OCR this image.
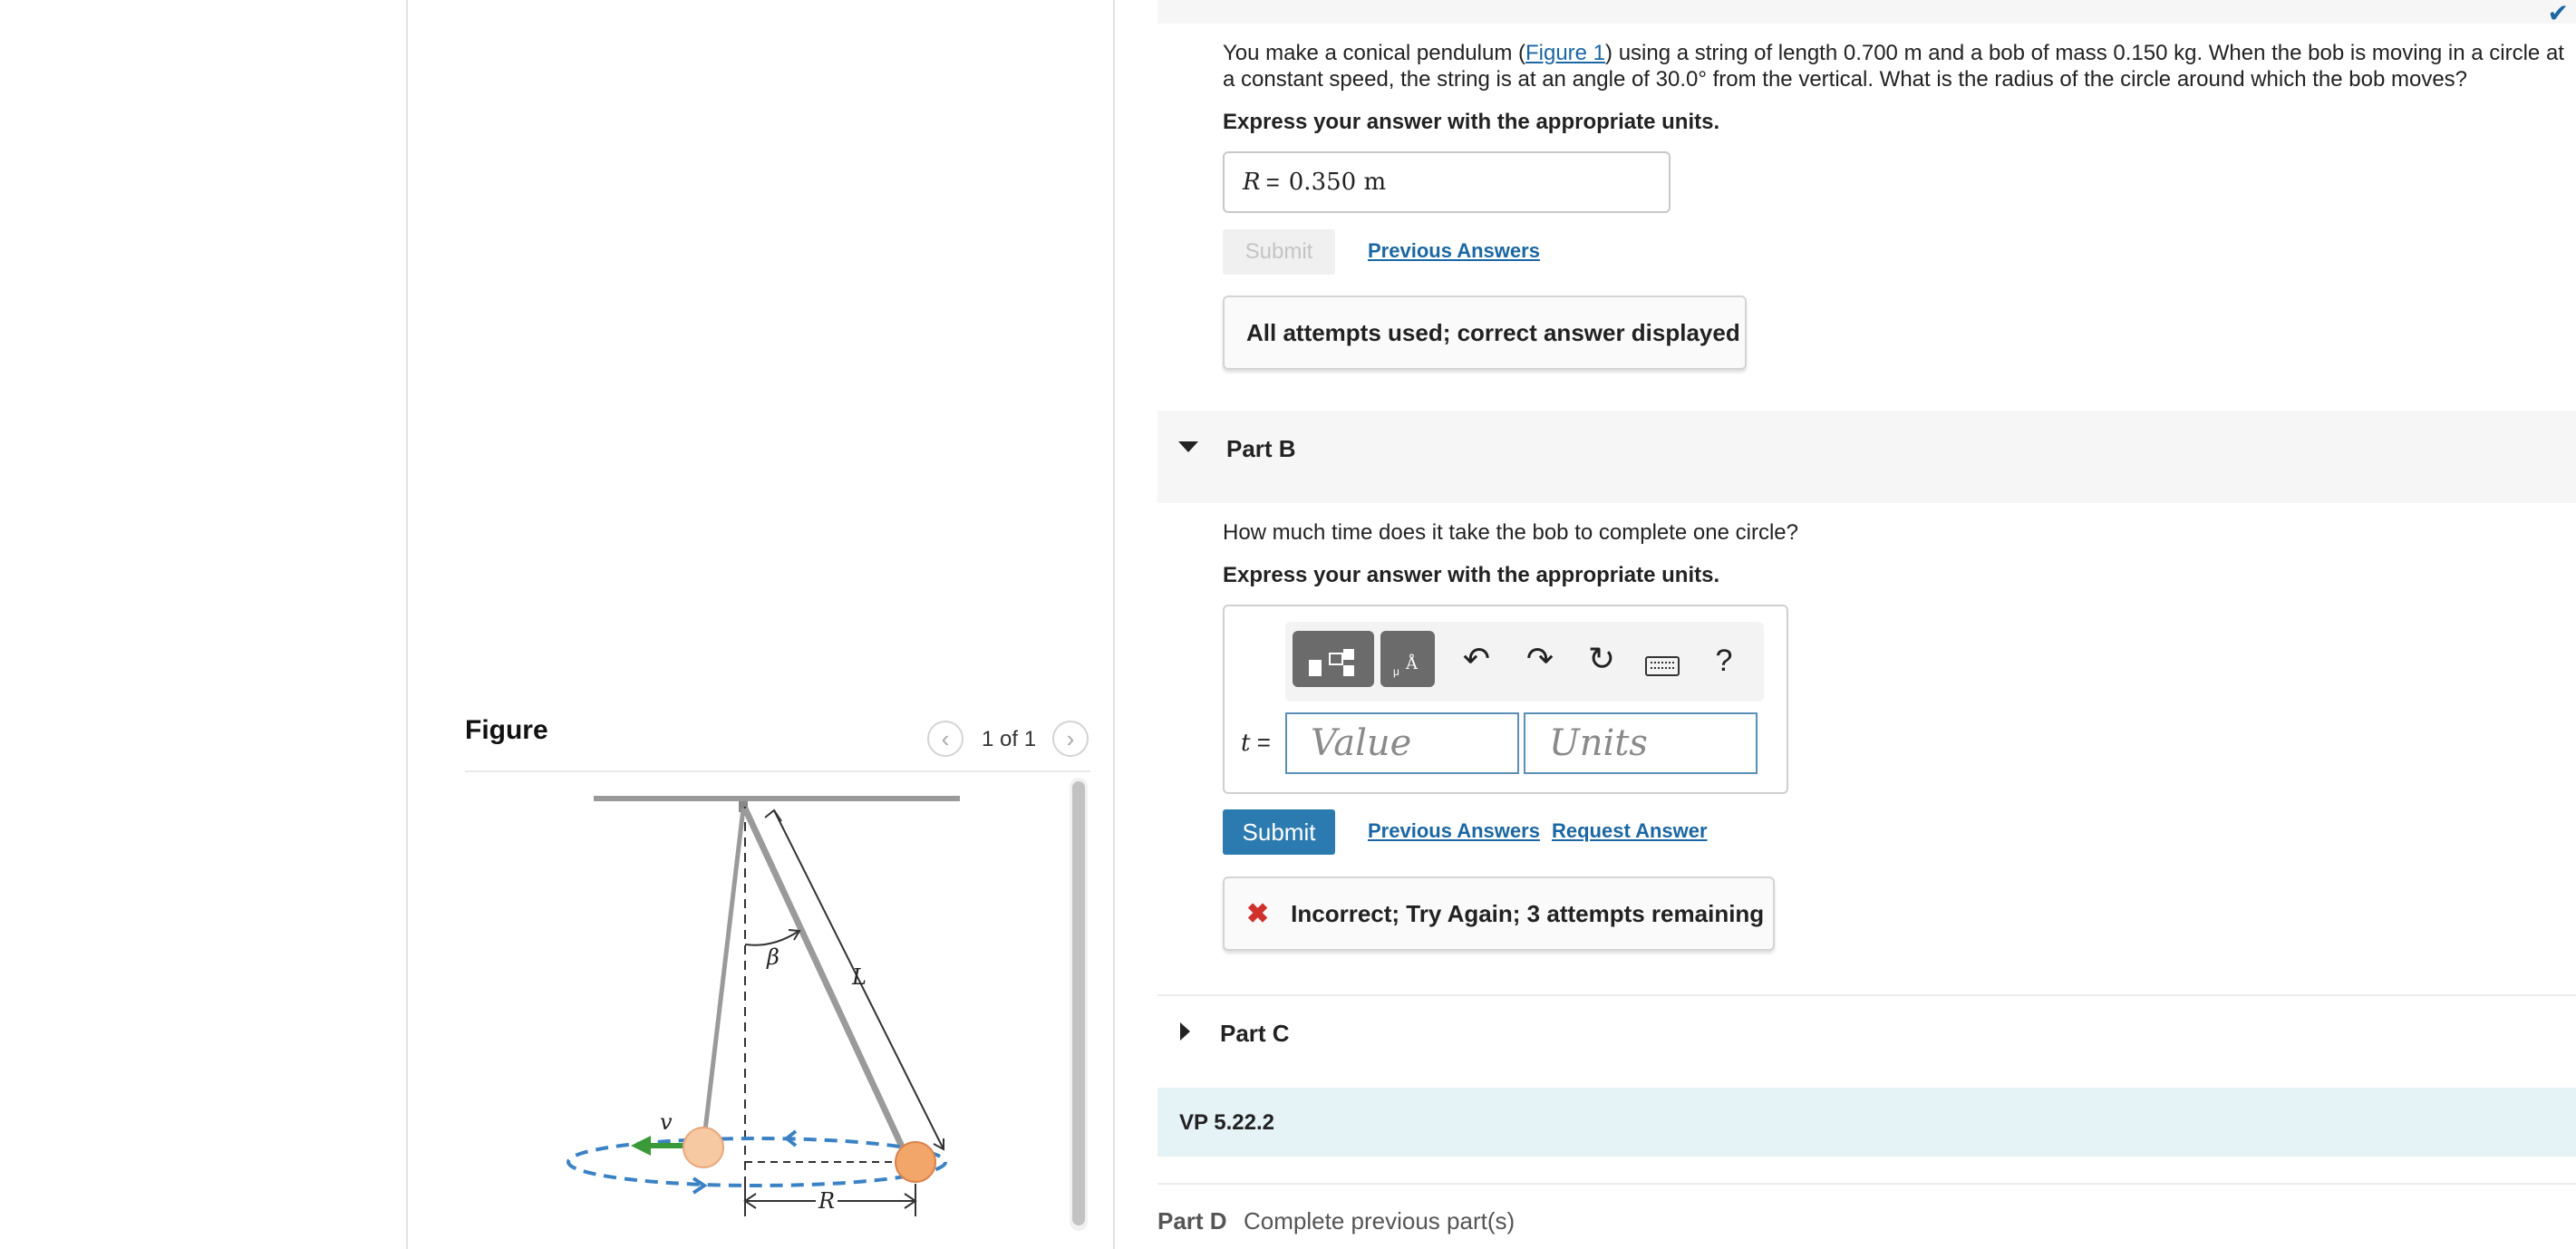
Figure	‹ 1 of 1 ›
L
β
v
R
✔
You make a conical pendulum (Figure 1) using a string of length 0.700 m and a bob of mass 0.150 kg. When the bob is moving in a circle at a constant speed, the string is at an angle of 30.0° from the vertical. What is the radius of the circle around which the bob moves?
Express your answer with the appropriate units.
R = 0.350 m
Submit	Previous Answers
All attempts used; correct answer displayed
Part B
How much time does it take the bob to complete one circle?
Express your answer with the appropriate units.
Å
μ ↶ ↷ ↻	?
t =	Value	Units
Submit	Previous Answers Request Answer
✖ Incorrect; Try Again; 3 attempts remaining
Part C
VP 5.22.2
Part D Complete previous part(s)
